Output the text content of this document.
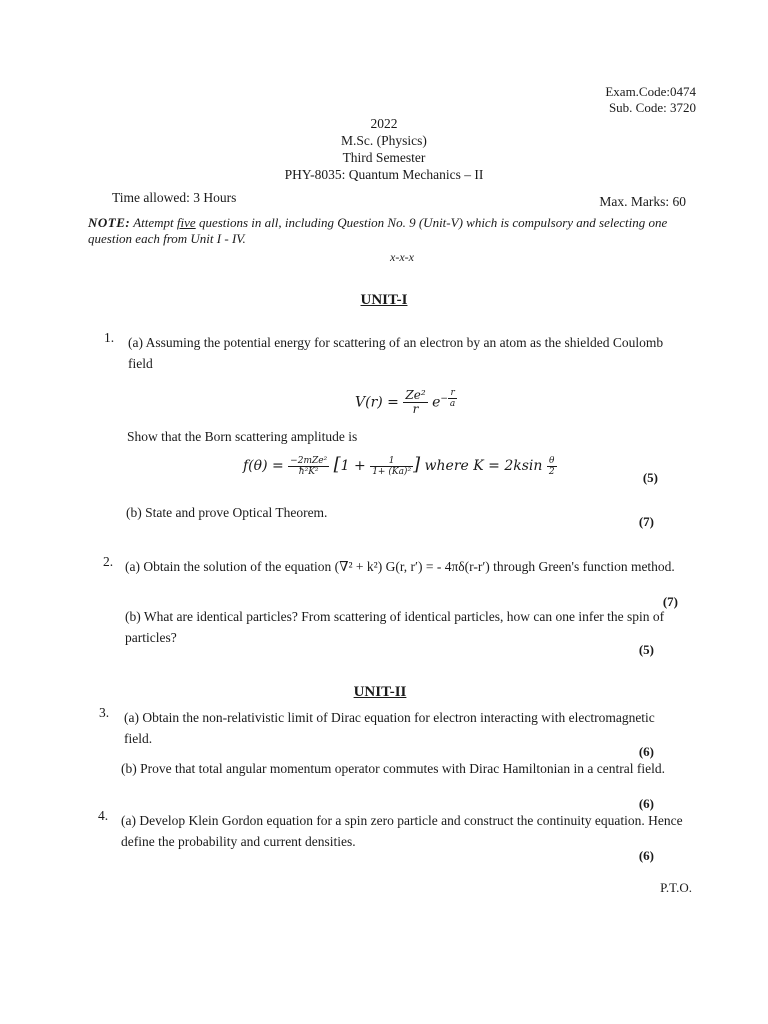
Exam.Code:0474
Sub. Code: 3720
2022
M.Sc. (Physics)
Third Semester
PHY-8035: Quantum Mechanics – II
Time allowed: 3 Hours	Max. Marks: 60
NOTE: Attempt five questions in all, including Question No. 9 (Unit-V) which is compulsory and selecting one question each from Unit I - IV.
x-x-x
UNIT-I
1. (a) Assuming the potential energy for scattering of an electron by an atom as the shielded Coulomb field
$V(r) = \frac{\text{Ze²}}{r} e^{- \frac{r}{a}}$
Show that the Born scattering amplitude is
$f(\theta) = \frac{\text{−2mZe²}}{\text{ħ²K²}} [1 + \frac{1}{\text{1+ (Ka)²}}$ ] where $K = 2ksin \frac{\theta}{2}$
(5)
(b) State and prove Optical Theorem.
(7)
2. (a) Obtain the solution of the equation (∇² + k²) G(r, r′) = - 4πδ(r-r′) through Green's function method.
(7)
(b) What are identical particles? From scattering of identical particles, how can one infer the spin of particles?
(5)
UNIT-II
3. (a) Obtain the non-relativistic limit of Dirac equation for electron interacting with electromagnetic field.
(6)
(b) Prove that total angular momentum operator commutes with Dirac Hamiltonian in a central field.
(6)
4. (a) Develop Klein Gordon equation for a spin zero particle and construct the continuity equation. Hence define the probability and current densities.
(6)
P.T.O.
